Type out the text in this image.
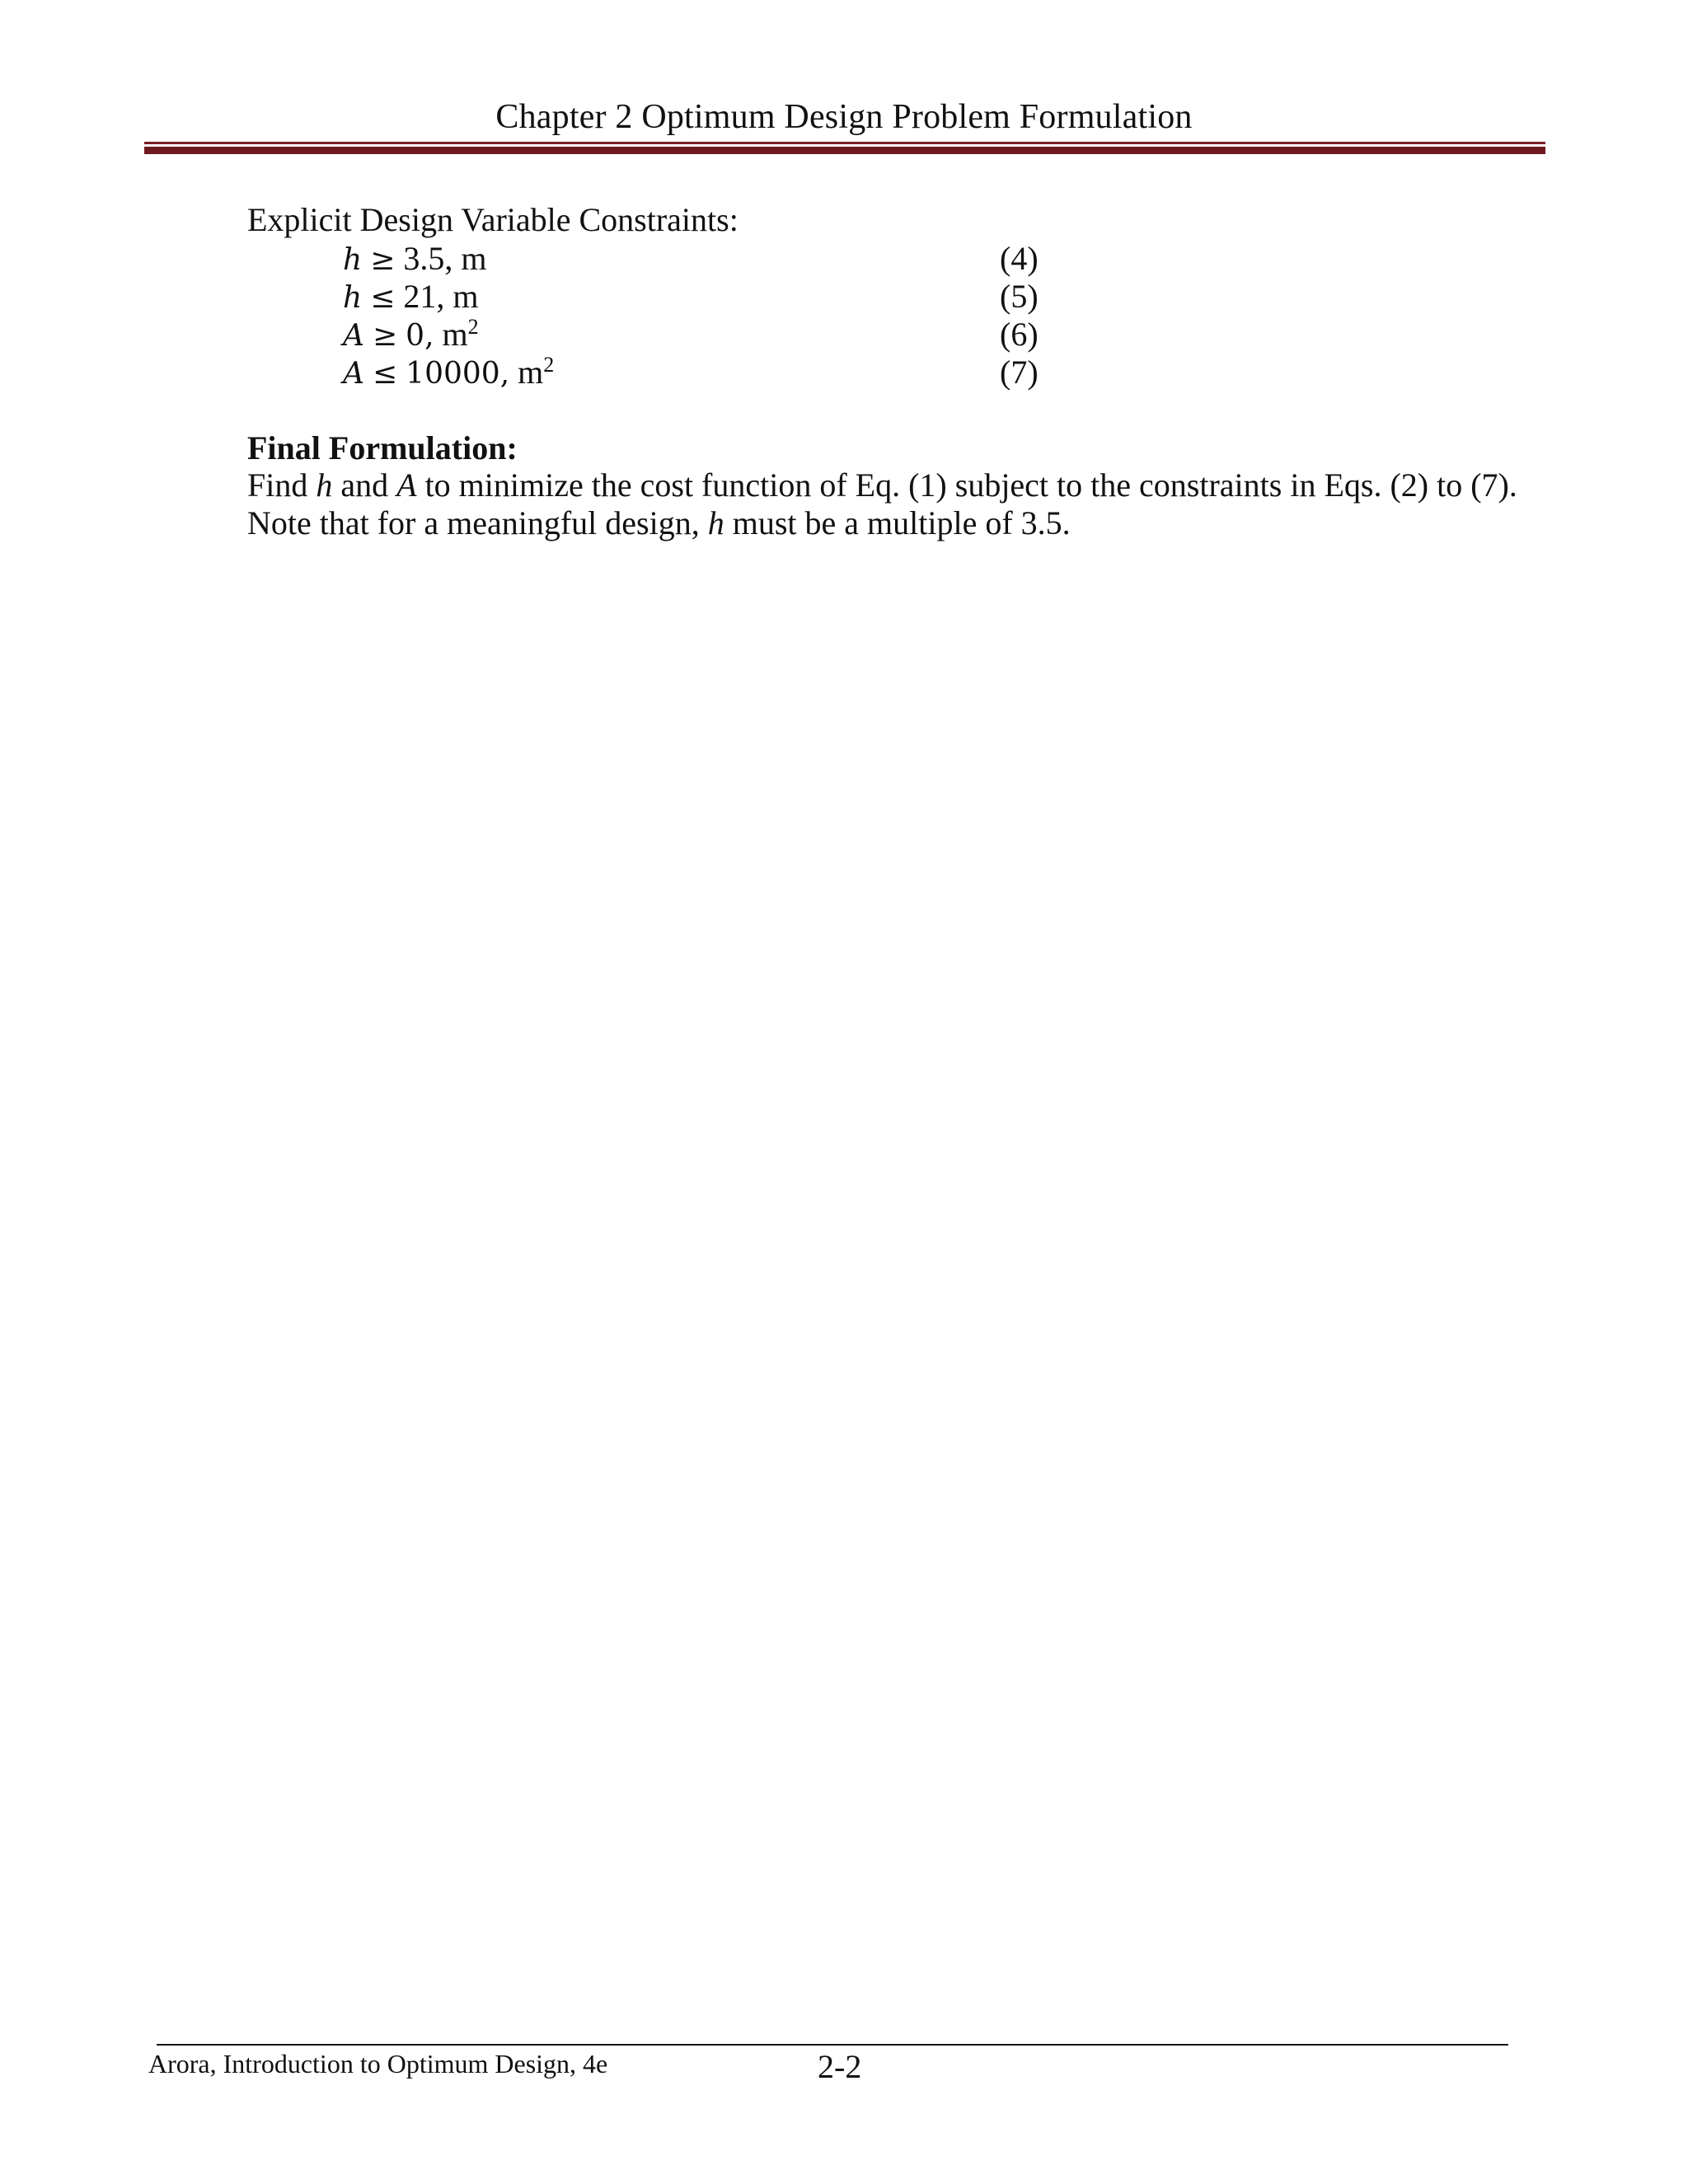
Chapter 2 Optimum Design Problem Formulation
Explicit Design Variable Constraints:
h ≥ 3.5, m	(4)
h ≤ 21, m	(5)
A ≥ 0, $m^2$	(6)
A ≤ 10000, $m^2$	(7)
Final Formulation:
Find h and A to minimize the cost function of Eq. (1) subject to the constraints in Eqs. (2) to (7).
Note that for a meaningful design, h must be a multiple of 3.5.
Arora, Introduction to Optimum Design, 4e	2-2
